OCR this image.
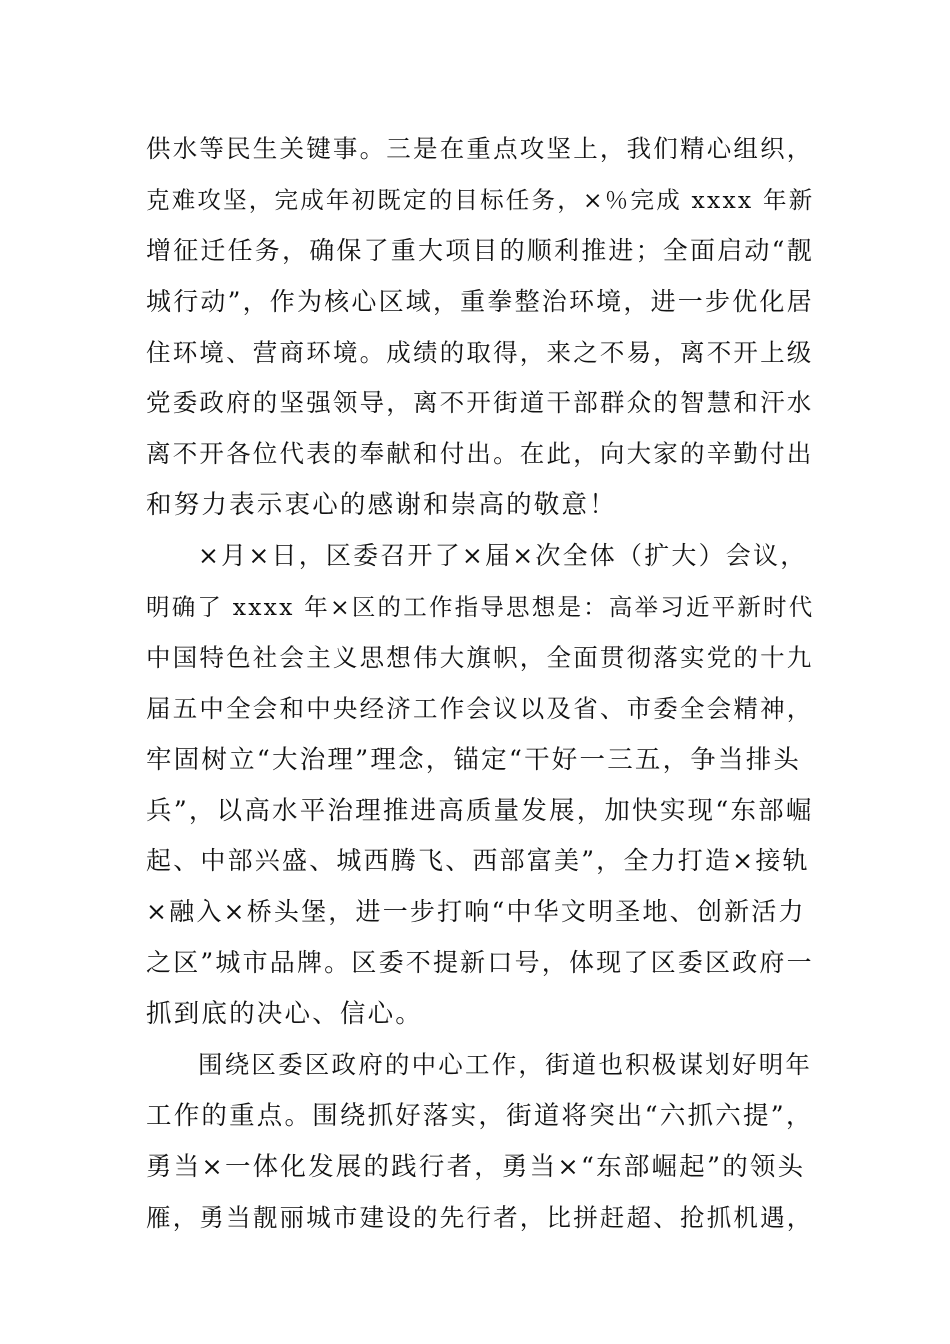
供水等民生关键事。三是在重点攻坚上，我们精心组织，
克难攻坚，完成年初既定的目标任务，×％完成 xxxx 年新
增征迁任务，确保了重大项目的顺利推进；全面启动“靓
城行动”，作为核心区域，重拳整治环境，进一步优化居
住环境、营商环境。成绩的取得，来之不易，离不开上级
党委政府的坚强领导，离不开街道干部群众的智慧和汗水
离不开各位代表的奉献和付出。在此，向大家的辛勤付出
和努力表示衷心的感谢和崇高的敬意！
×月×日，区委召开了×届×次全体（扩大）会议，
明确了 xxxx 年×区的工作指导思想是：高举习近平新时代
中国特色社会主义思想伟大旗帜，全面贯彻落实党的十九
届五中全会和中央经济工作会议以及省、市委全会精神，
牢固树立“大治理”理念，锚定“干好一三五，争当排头
兵”，以高水平治理推进高质量发展，加快实现“东部崛
起、中部兴盛、城西腾飞、西部富美”，全力打造×接轨
×融入×桥头堡，进一步打响“中华文明圣地、创新活力
之区”城市品牌。区委不提新口号，体现了区委区政府一
抓到底的决心、信心。
围绕区委区政府的中心工作，街道也积极谋划好明年
工作的重点。围绕抓好落实，街道将突出“六抓六提”，
勇当×一体化发展的践行者，勇当×“东部崛起”的领头
雁，勇当靓丽城市建设的先行者，比拼赶超、抢抓机遇，
